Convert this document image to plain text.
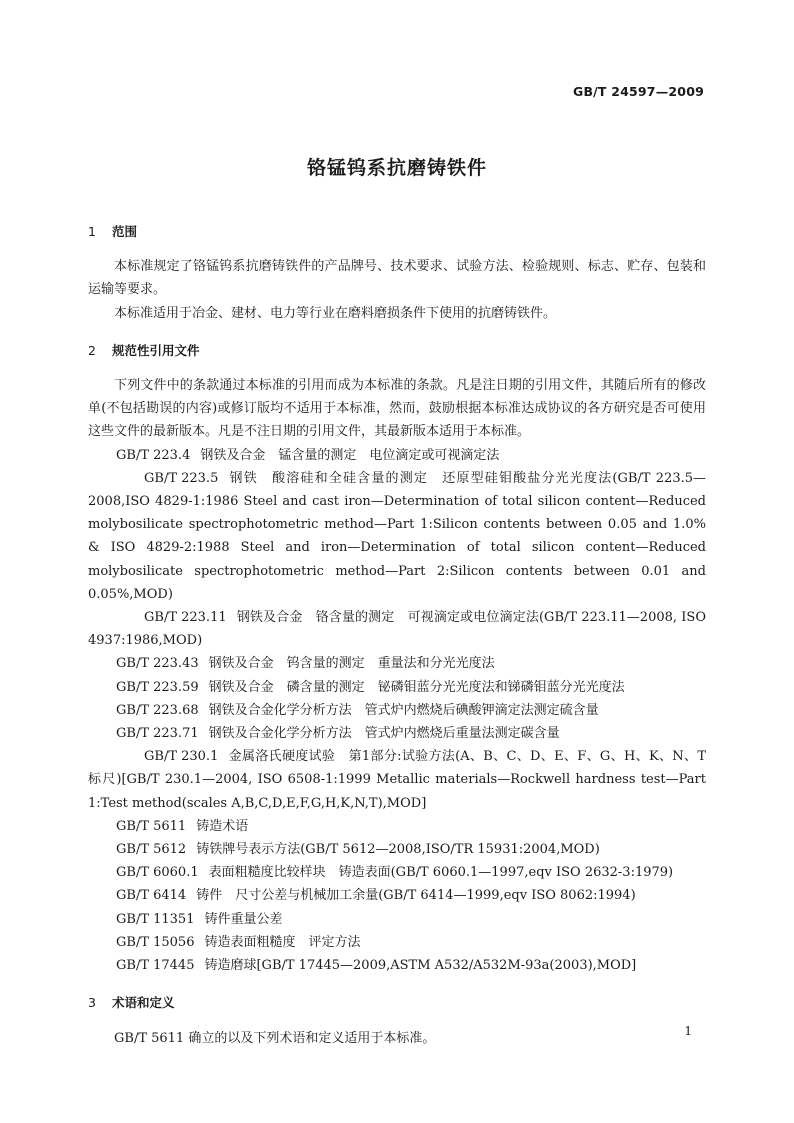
GB/T 24597—2009
铬锰钨系抗磨铸铁件
1 范围

本标准规定了铬锰钨系抗磨铸铁件的产品牌号、技术要求、试验方法、检验规则、标志、贮存、包装和运输等要求。

本标准适用于冶金、建材、电力等行业在磨料磨损条件下使用的抗磨铸铁件。

2 规范性引用文件

下列文件中的条款通过本标准的引用而成为本标准的条款。凡是注日期的引用文件，其随后所有的修改单(不包括勘误的内容)或修订版均不适用于本标准，然而，鼓励根据本标准达成协议的各方研究是否可使用这些文件的最新版本。凡是不注日期的引用文件，其最新版本适用于本标准。

GB/T 223.4 钢铁及合金　锰含量的测定　电位滴定或可视滴定法

GB/T 223.5 钢铁　酸溶硅和全硅含量的测定　还原型硅钼酸盐分光光度法(GB/T 223.5—2008,ISO 4829-1:1986 Steel and cast iron—Determination of total silicon content—Reduced molybosilicate spectrophotometric method—Part 1:Silicon contents between 0.05 and 1.0% & ISO 4829-2:1988 Steel and iron—Determination of total silicon content—Reduced molybosilicate spectrophotometric method—Part 2:Silicon contents between 0.01 and 0.05%,MOD)

GB/T 223.11 钢铁及合金　铬含量的测定　可视滴定或电位滴定法(GB/T 223.11—2008, ISO 4937:1986,MOD)

GB/T 223.43 钢铁及合金　钨含量的测定　重量法和分光光度法

GB/T 223.59 钢铁及合金　磷含量的测定　铋磷钼蓝分光光度法和锑磷钼蓝分光光度法

GB/T 223.68 钢铁及合金化学分析方法　管式炉内燃烧后碘酸钾滴定法测定硫含量

GB/T 223.71 钢铁及合金化学分析方法　管式炉内燃烧后重量法测定碳含量

GB/T 230.1 金属洛氏硬度试验　第1部分:试验方法(A、B、C、D、E、F、G、H、K、N、T标尺)[GB/T 230.1—2004, ISO 6508-1:1999 Metallic materials—Rockwell hardness test—Part 1:Test method(scales A,B,C,D,E,F,G,H,K,N,T),MOD]

GB/T 5611 铸造术语

GB/T 5612 铸铁牌号表示方法(GB/T 5612—2008,ISO/TR 15931:2004,MOD)

GB/T 6060.1 表面粗糙度比较样块　铸造表面(GB/T 6060.1—1997,eqv ISO 2632-3:1979)

GB/T 6414 铸件　尺寸公差与机械加工余量(GB/T 6414—1999,eqv ISO 8062:1994)

GB/T 11351 铸件重量公差

GB/T 15056 铸造表面粗糙度　评定方法

GB/T 17445 铸造磨球[GB/T 17445—2009,ASTM A532/A532M-93a(2003),MOD]

3 术语和定义

GB/T 5611 确立的以及下列术语和定义适用于本标准。	1
